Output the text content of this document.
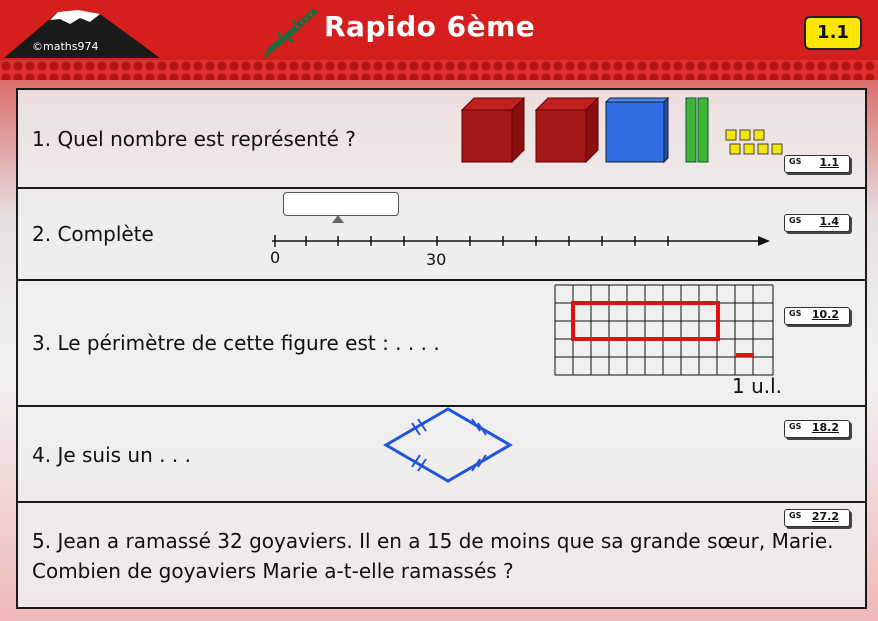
©maths974
Rapido 6ème	1.1
1. Quel nombre est représenté ?
GS 1.1
2. Complète
0	30
GS 1.4
3. Le périmètre de cette figure est : . . . .
1 u.l.
GS 10.2
4. Je suis un . . .
GS 18.2
5. Jean a ramassé 32 goyaviers. Il en a 15 de moins que sa grande sœur, Marie. Combien de goyaviers Marie a-t-elle ramassés ?
GS 27.2
